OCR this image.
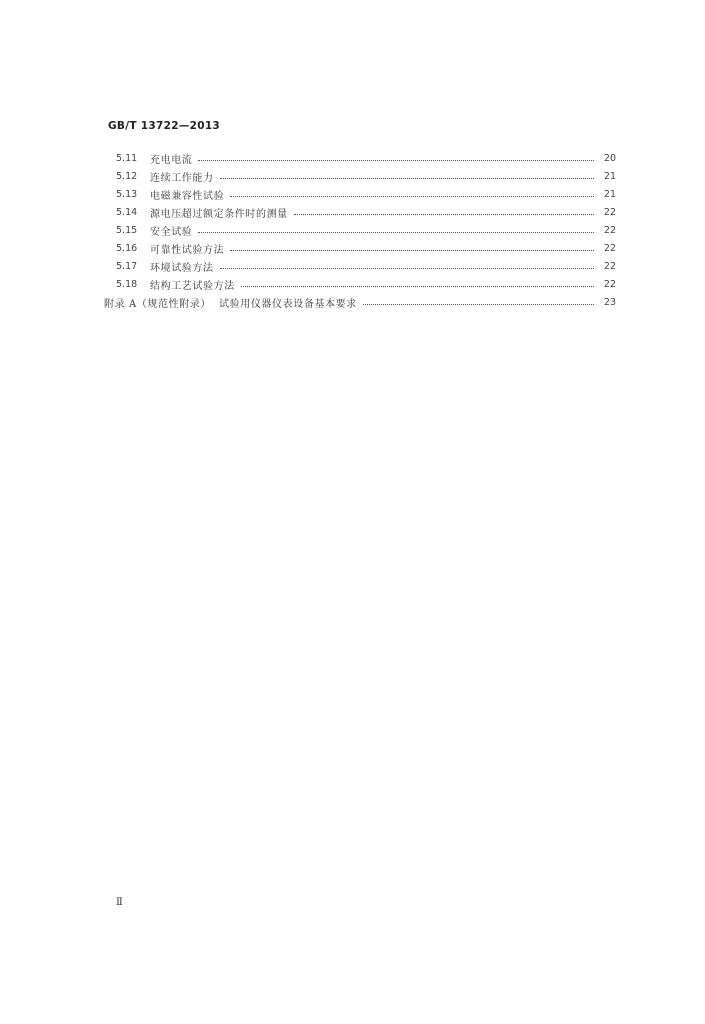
GB/T 13722—2013
5.11	充电电流	20
5.12	连续工作能力	21
5.13	电磁兼容性试验	21
5.14	源电压超过额定条件时的测量	22
5.15	安全试验	22
5.16	可靠性试验方法	22
5.17	环境试验方法	22
5.18	结构工艺试验方法	22
附录 A（规范性附录） 试验用仪器仪表设备基本要求	23
Ⅱ
